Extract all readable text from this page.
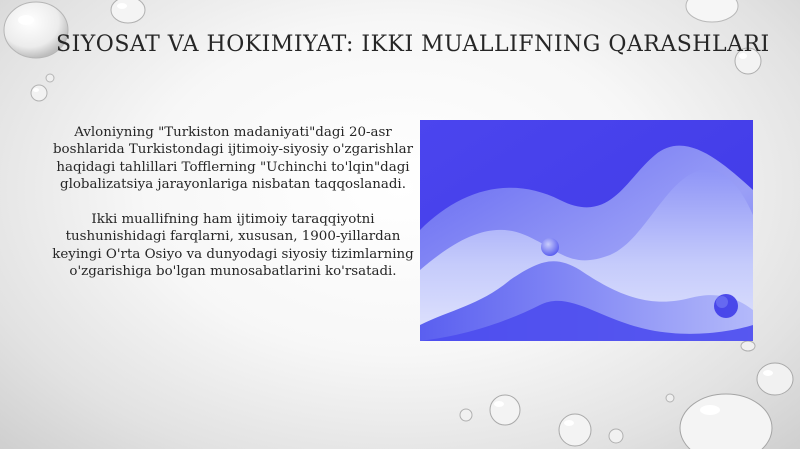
SIYOSAT VA HOKIMIYAT: IKKI MUALLIFNING QARASHLARI

Avloniyning "Turkiston madaniyati"dagi 20-asr boshlarida Turkistondagi ijtimoiy-siyosiy o'zgarishlar haqidagi tahlillari Tofflerning "Uchinchi to'lqin"dagi globalizatsiya jarayonlariga nisbatan taqqoslanadi.

Ikki muallifning ham ijtimoiy taraqqiyotni tushunishidagi farqlarni, xususan, 1900-yillardan keyingi O'rta Osiyo va dunyodagi siyosiy tizimlarning o'zgarishiga bo'lgan munosabatlarini ko'rsatadi.
